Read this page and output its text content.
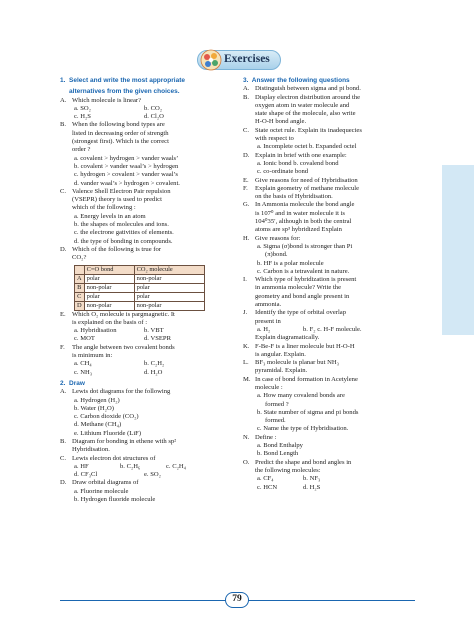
Exercises
1.  Select and write the most appropriate
alternatives from the given choices.
A. Which molecule is linear?
a. SO₂	b. CO₂
c. H₂S	d. Cl₂O
B. When the following bond types are
listed in decreasing order of strength
(strongest first). Which is the correct
order ?
a. covalent > hydrogen > vander waals’
b. covalent > vander waal’s > hydrogen
c. hydrogen > covalent > vander waal’s
d. vander waal’s > hydrogen > covalent.
C. Valence Shell Electron Pair repulsion
(VSEPR) theory is used to predict
which of the following :
a. Energy levels in an atom
b. the shapes of molecules and ions.
c. the electrone gativities of elements.
d. the type of bonding in compounds.
D. Which of the following is true for
CO₂?
	C=O bond	CO₂ molecule
A	polar	non-polar
B	non-polar	polar
C	polar	polar
D	non-polar	non-polar
E. Which O₂ molecule is pargmagnetic. It
is explained on the basis of :
a. Hybridisation	b. VBT
c. MOT	d. VSEPR
F. The angle between two covalent bonds
is minimum in:
a. CH₄	b. C₂H₂
c. NH₃	d. H₂O
2.  Draw
A. Lewis dot diagrams for the following
a. Hydrogen (H₂)
b. Water (H₂O)
c. Carbon dioxide (CO₂)
d. Methane (CH₄)
e. Lithium Fluoride (LiF)
B. Diagram for bonding in ethene with sp²
Hybridisation.
C. Lewis electron dot structures of
a. HF	b. C₂H₆	c. C₂H₄
d. CF₃Cl	e. SO₂
D. Draw orbital diagrams of
a. Fluorine molecule
b. Hydrogen fluoride molecule
3.  Answer the following questions
A. Distinguish between sigma and pi bond.
B. Display electron distribution around the
oxygen atom in water molecule and
state shape of the molecule, also write
H-O-H bond angle.
C. State octet rule. Explain its inadequecies
with respect to
a. Incomplete octet b. Expanded octel
D. Explain in brief with one example:
a. Ionic bond b. covalend bond
c. co-ordinate bond
E. Give reasons for need of Hybridisation
F. Explain geometry of methane molecule
on the basis of Hybridisation.
G. In Ammonia molecule the bond angle
is 107⁰ and in water molecule it is
104⁰35′, although in both the central
atoms are sp³ hybridized Explain
H. Give reasons for:
a. Sigma (σ)bond is stronger than Pi
(π)bond.
b. HF is a polar molecule
c. Carbon is a tetravalent in nature.
I. Which type of hybridization is present
in ammonia molecule? Write the
geometry and bond angle present in
ammonia.
J. Identify the type of orbital overlap
present in
a. H₂	b. F₂ c. H-F molecule.
Explain diagramatically.
K. F-Be-F is a liner molecule but H-O-H
is angular. Explain.
L. BF₃ molecule is planar but NH₃
pyramidal. Explain.
M. In case of bond formation in Acetylene
molecule :
a. How many covalend bonds are
formed ?
b. State number of sigma and pi bonds
formed.
c. Name the type of Hybridisation.
N. Define :
a. Bond Enthalpy
b. Bond Length
O. Predict the shape and bond angles in
the following molecules:
a. CF₄	b. NF₃
c. HCN	d. H₂S
79
